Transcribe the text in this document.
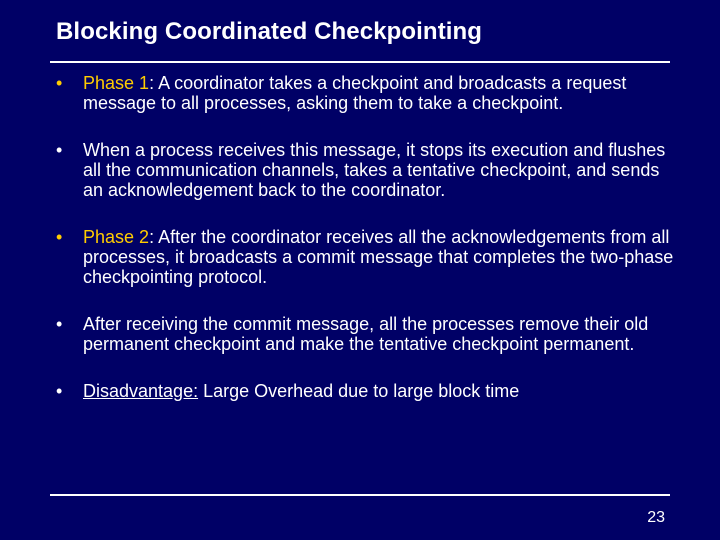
Blocking Coordinated Checkpointing
• Phase 1: A coordinator takes a checkpoint and broadcasts a request message to all processes, asking them to take a checkpoint.
• When a process receives this message, it stops its execution and flushes all the communication channels, takes a tentative checkpoint, and sends an acknowledgement back to the coordinator.
• Phase 2: After the coordinator receives all the acknowledgements from all processes, it broadcasts a commit message that completes the two-phase checkpointing protocol.
• After receiving the commit message, all the processes remove their old permanent checkpoint and make the tentative checkpoint permanent.
• Disadvantage: Large Overhead due to large block time
23
